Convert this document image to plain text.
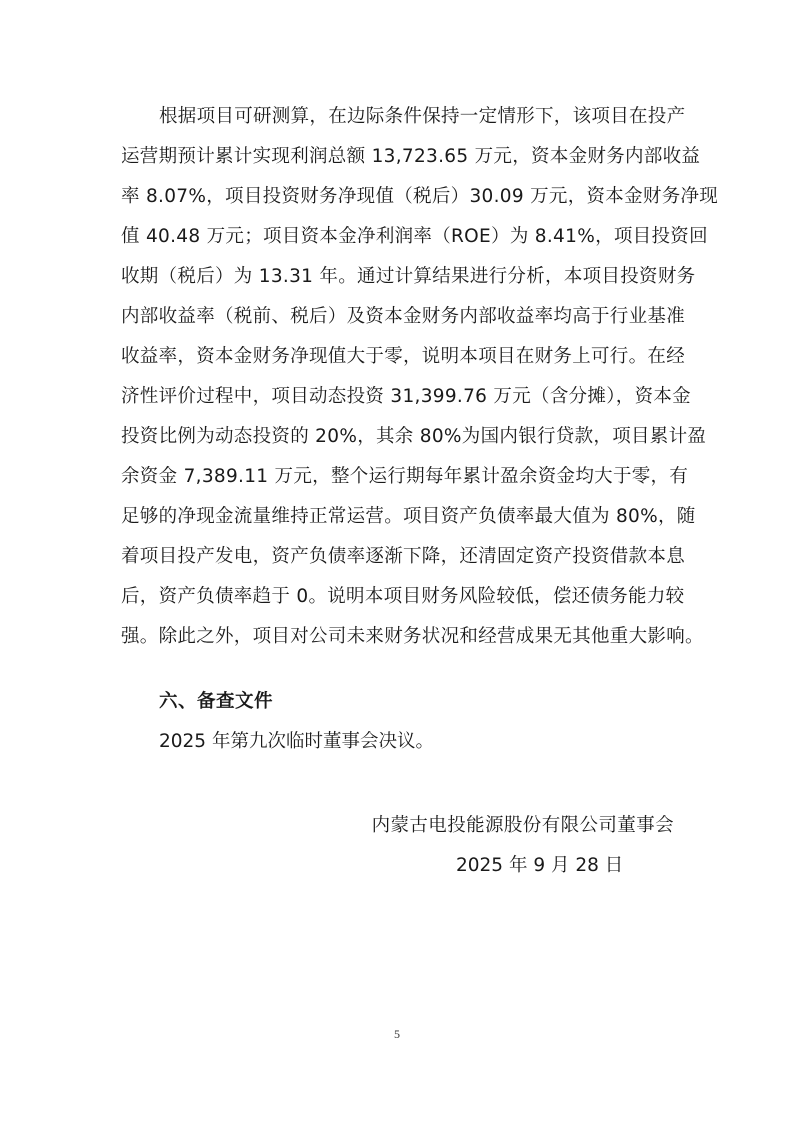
根据项目可研测算，在边际条件保持一定情形下，该项目在投产
运营期预计累计实现利润总额 13,723.65 万元，资本金财务内部收益
率 8.07%，项目投资财务净现值（税后）30.09 万元，资本金财务净现
值 40.48 万元；项目资本金净利润率（ROE）为 8.41%，项目投资回
收期（税后）为 13.31 年。通过计算结果进行分析，本项目投资财务
内部收益率（税前、税后）及资本金财务内部收益率均高于行业基准
收益率，资本金财务净现值大于零，说明本项目在财务上可行。在经
济性评价过程中，项目动态投资 31,399.76 万元（含分摊），资本金
投资比例为动态投资的 20%，其余 80%为国内银行贷款，项目累计盈
余资金 7,389.11 万元，整个运行期每年累计盈余资金均大于零，有
足够的净现金流量维持正常运营。项目资产负债率最大值为 80%，随
着项目投产发电，资产负债率逐渐下降，还清固定资产投资借款本息
后，资产负债率趋于 0。说明本项目财务风险较低，偿还债务能力较
强。除此之外，项目对公司未来财务状况和经营成果无其他重大影响。
六、备查文件
2025 年第九次临时董事会决议。
内蒙古电投能源股份有限公司董事会
2025 年 9 月 28 日
5
